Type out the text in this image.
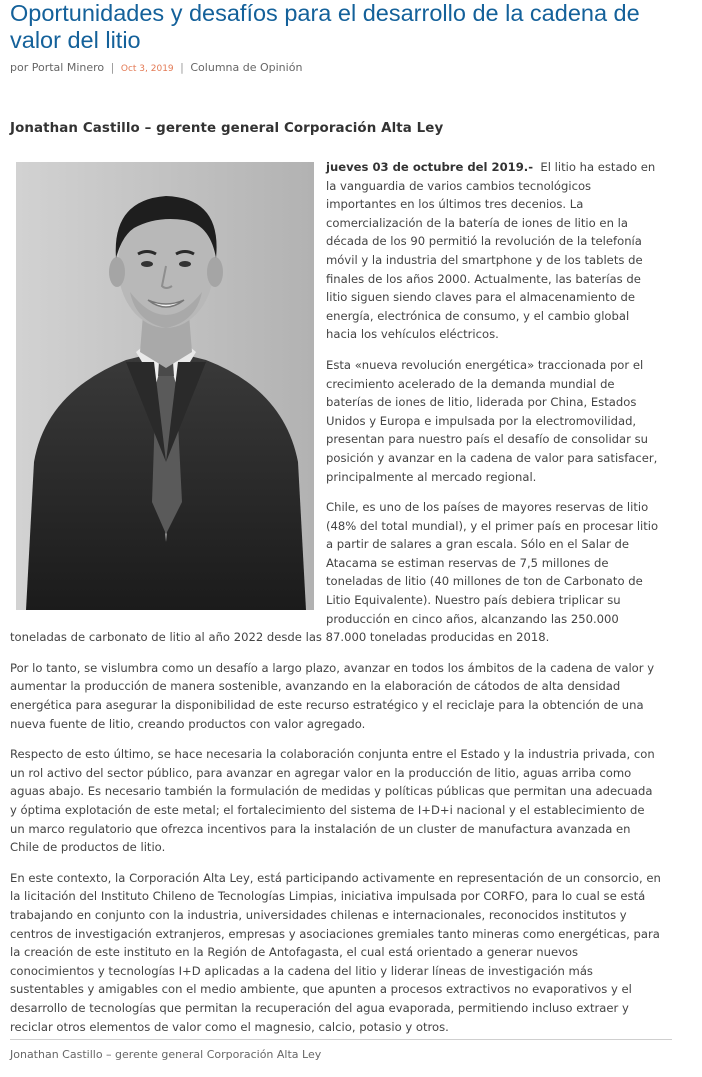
Oportunidades y desafíos para el desarrollo de la cadena de valor del litio
por Portal Minero | Oct 3, 2019 | Columna de Opinión
Jonathan Castillo – gerente general Corporación Alta Ley

jueves 03 de octubre del 2019.- El litio ha estado en la vanguardia de varios cambios tecnológicos importantes en los últimos tres decenios. La comercialización de la batería de iones de litio en la década de los 90 permitió la revolución de la telefonía móvil y la industria del smartphone y de los tablets de finales de los años 2000. Actualmente, las baterías de litio siguen siendo claves para el almacenamiento de energía, electrónica de consumo, y el cambio global hacia los vehículos eléctricos.

Esta «nueva revolución energética» traccionada por el crecimiento acelerado de la demanda mundial de baterías de iones de litio, liderada por China, Estados Unidos y Europa e impulsada por la electromovilidad, presentan para nuestro país el desafío de consolidar su posición y avanzar en la cadena de valor para satisfacer, principalmente al mercado regional.

Chile, es uno de los países de mayores reservas de litio (48% del total mundial), y el primer país en procesar litio a partir de salares a gran escala. Sólo en el Salar de Atacama se estiman reservas de 7,5 millones de toneladas de litio (40 millones de ton de Carbonato de Litio Equivalente). Nuestro país debiera triplicar su producción en cinco años, alcanzando las 250.000 toneladas de carbonato de litio al año 2022 desde las 87.000 toneladas producidas en 2018.

Por lo tanto, se vislumbra como un desafío a largo plazo, avanzar en todos los ámbitos de la cadena de valor y aumentar la producción de manera sostenible, avanzando en la elaboración de cátodos de alta densidad energética para asegurar la disponibilidad de este recurso estratégico y el reciclaje para la obtención de una nueva fuente de litio, creando productos con valor agregado.

Respecto de esto último, se hace necesaria la colaboración conjunta entre el Estado y la industria privada, con un rol activo del sector público, para avanzar en agregar valor en la producción de litio, aguas arriba como aguas abajo. Es necesario también la formulación de medidas y políticas públicas que permitan una adecuada y óptima explotación de este metal; el fortalecimiento del sistema de I+D+i nacional y el establecimiento de un marco regulatorio que ofrezca incentivos para la instalación de un cluster de manufactura avanzada en Chile de productos de litio.

En este contexto, la Corporación Alta Ley, está participando activamente en representación de un consorcio, en la licitación del Instituto Chileno de Tecnologías Limpias, iniciativa impulsada por CORFO, para lo cual se está trabajando en conjunto con la industria, universidades chilenas e internacionales, reconocidos institutos y centros de investigación extranjeros, empresas y asociaciones gremiales tanto mineras como energéticas, para la creación de este instituto en la Región de Antofagasta, el cual está orientado a generar nuevos conocimientos y tecnologías I+D aplicadas a la cadena del litio y liderar líneas de investigación más sustentables y amigables con el medio ambiente, que apunten a procesos extractivos no evaporativos y el desarrollo de tecnologías que permitan la recuperación del agua evaporada, permitiendo incluso extraer y reciclar otros elementos de valor como el magnesio, calcio, potasio y otros.

Jonathan Castillo – gerente general Corporación Alta Ley
